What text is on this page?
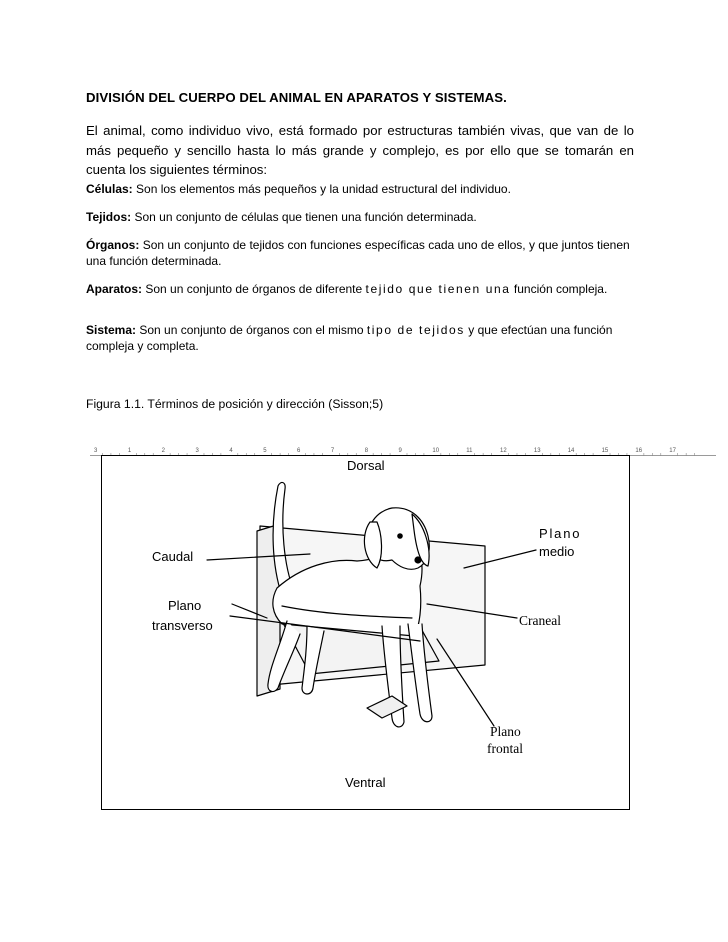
DIVISIÓN DEL CUERPO DEL ANIMAL EN APARATOS Y SISTEMAS.
El animal, como individuo vivo, está formado por estructuras también vivas, que van de lo más pequeño y sencillo hasta lo más grande y complejo, es por ello que se tomarán en cuenta los siguientes términos:
Células: Son los elementos más pequeños y la unidad estructural del individuo.
Tejidos: Son un conjunto de células que tienen una función determinada.
Órganos: Son un conjunto de tejidos con funciones específicas cada uno de ellos, y que juntos tienen una función determinada.
Aparatos: Son un conjunto de órganos de diferente tejido que tienen una función compleja.
Sistema: Son un conjunto de órganos con el mismo tipo de tejidos y que efectúan una función compleja y completa.
Figura 1.1. Términos de posición y dirección (Sisson;5)
3	1	2	3	4	5	6	7	8	9	10	11	12	13	14	15	16	17
Dorsal
Caudal
Plano
transverso
Plano
medio
Craneal
Plano
frontal
Ventral
